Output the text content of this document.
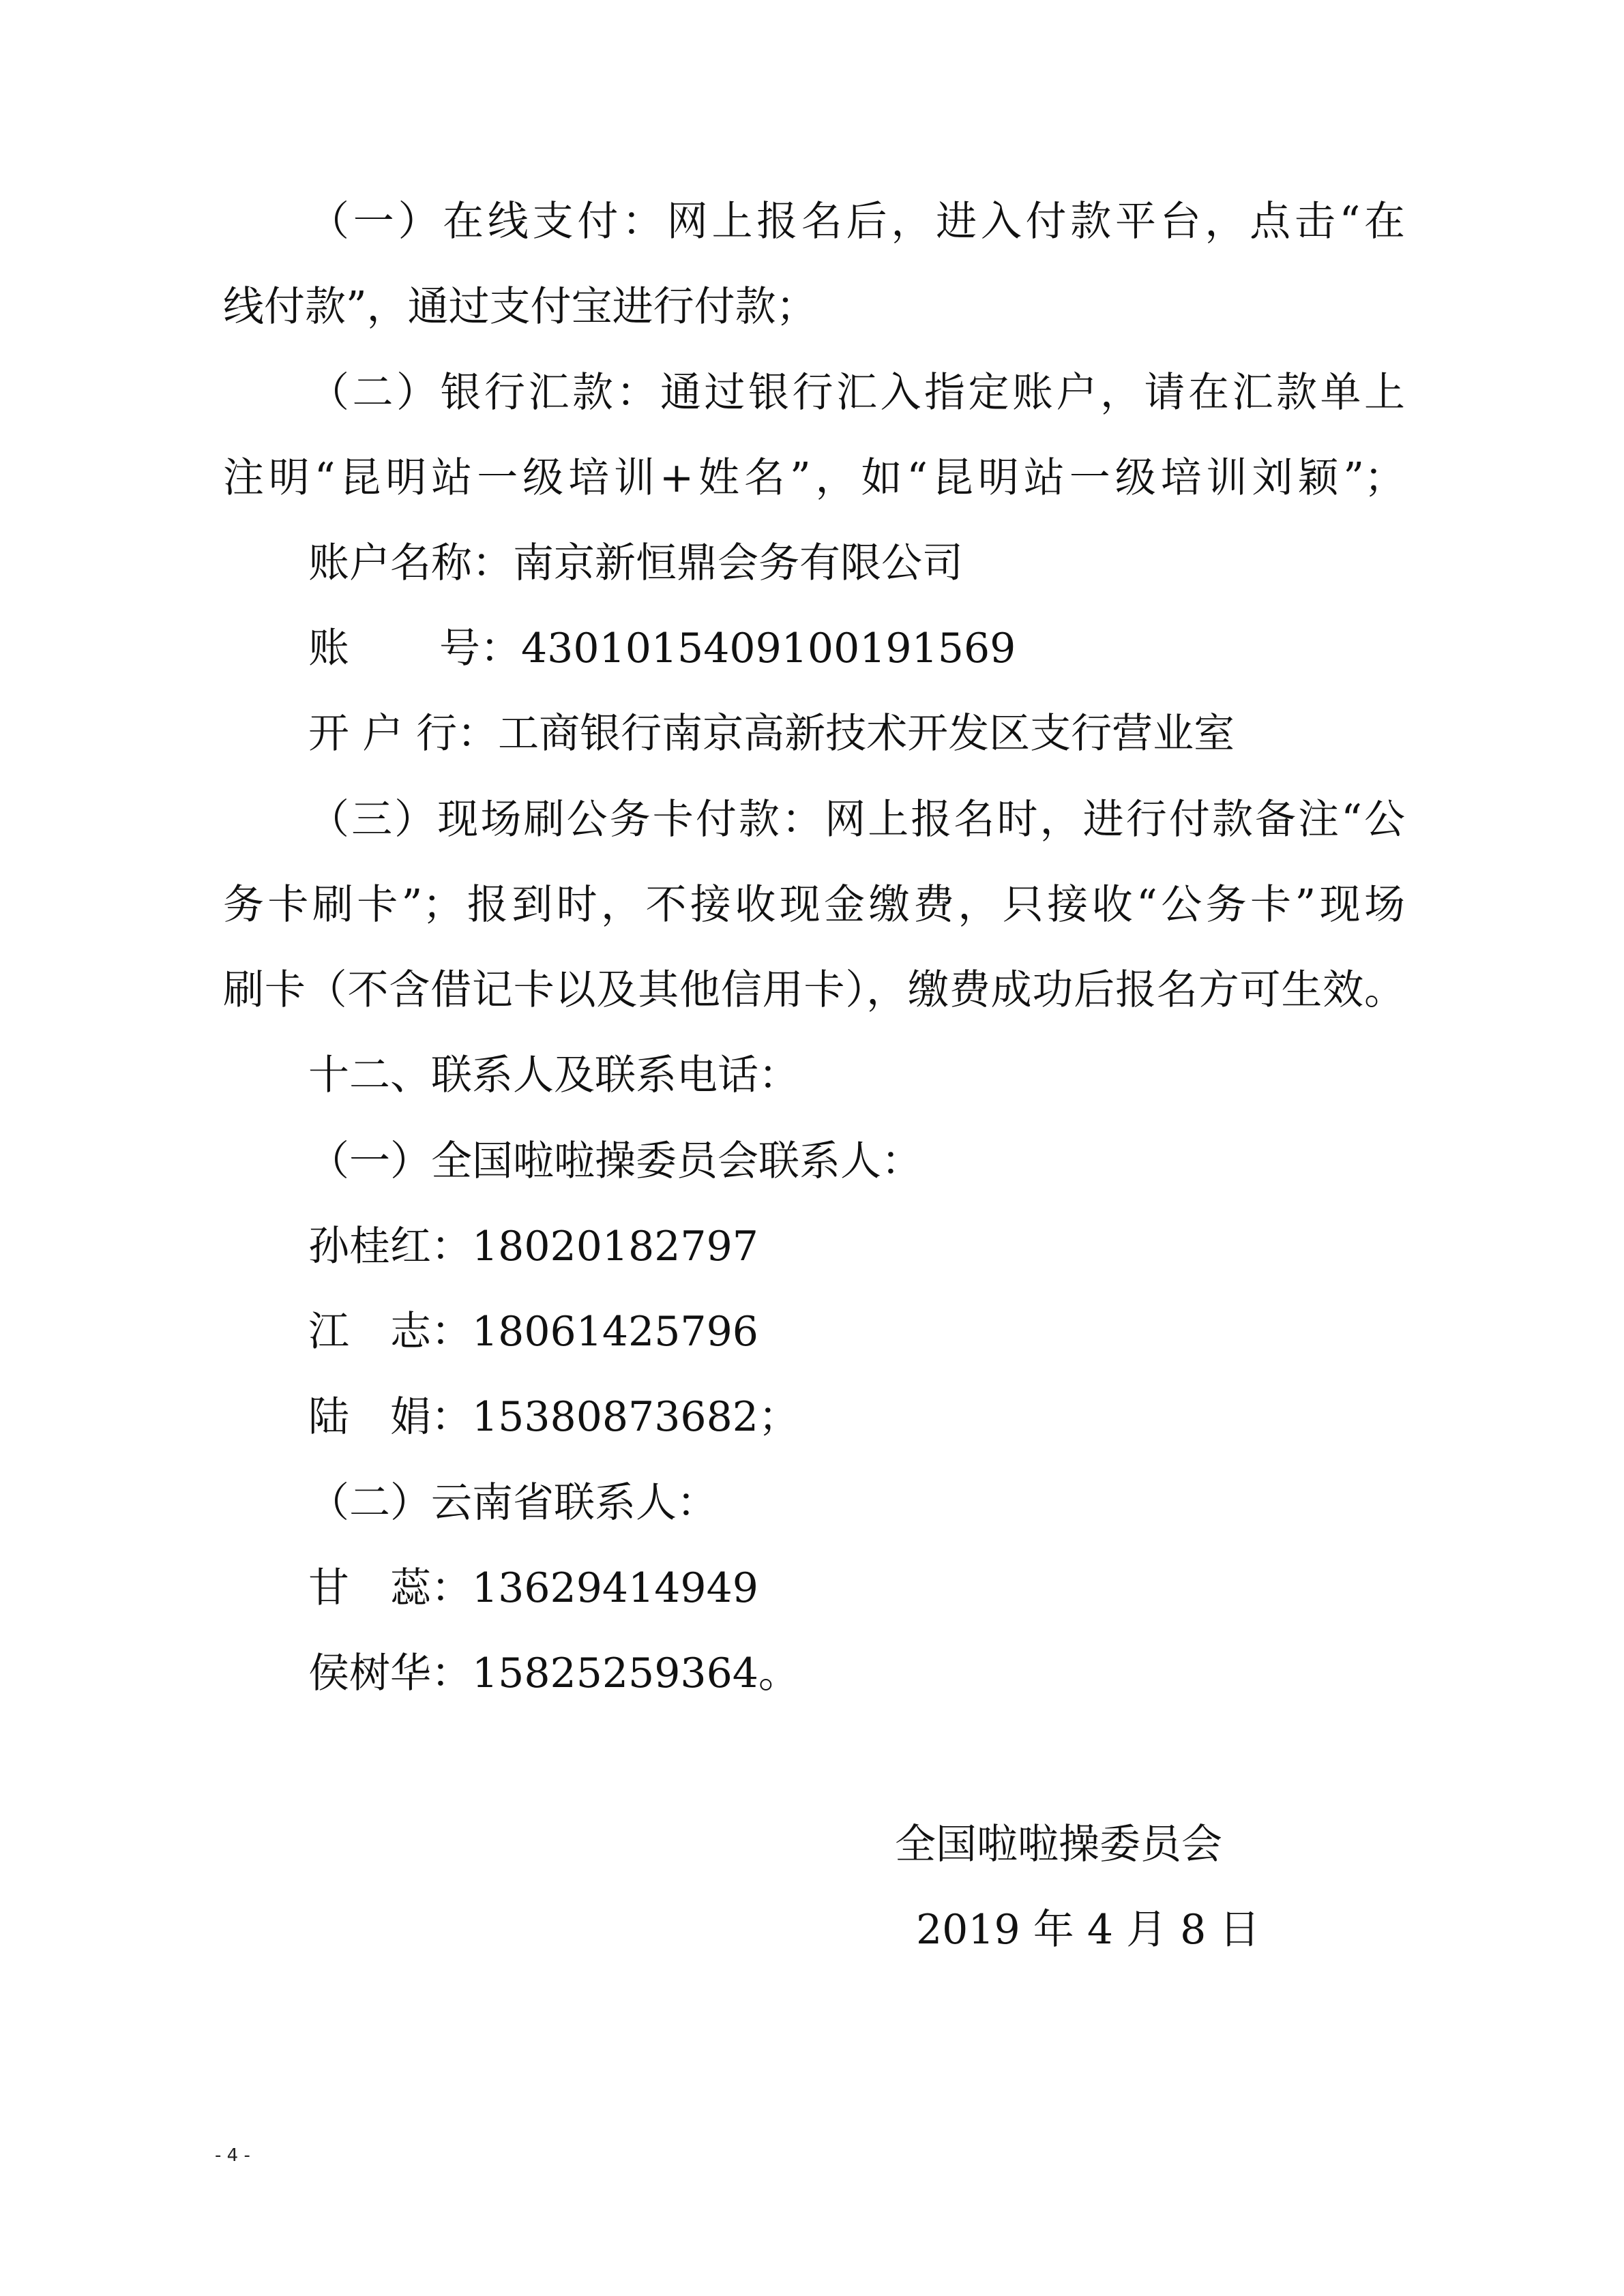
（一）在线支付：网上报名后，进入付款平台，点击“在
线付款”，通过支付宝进行付款；
（二）银行汇款：通过银行汇入指定账户，请在汇款单上
注明“昆明站一级培训+姓名”，如“昆明站一级培训刘颖”；
账户名称：南京新恒鼎会务有限公司
账 号：4301015409100191569
开 户 行：工商银行南京高新技术开发区支行营业室
（三）现场刷公务卡付款：网上报名时，进行付款备注“公
务卡刷卡”；报到时，不接收现金缴费，只接收“公务卡”现场
刷卡（不含借记卡以及其他信用卡），缴费成功后报名方可生效。
十二、联系人及联系电话：
（一）全国啦啦操委员会联系人：
孙桂红：18020182797
江　志：18061425796
陆　娟：15380873682；
（二）云南省联系人：
甘　蕊：13629414949
侯树华：15825259364。
全国啦啦操委员会
2019 年 4 月 8 日
- 4 -
